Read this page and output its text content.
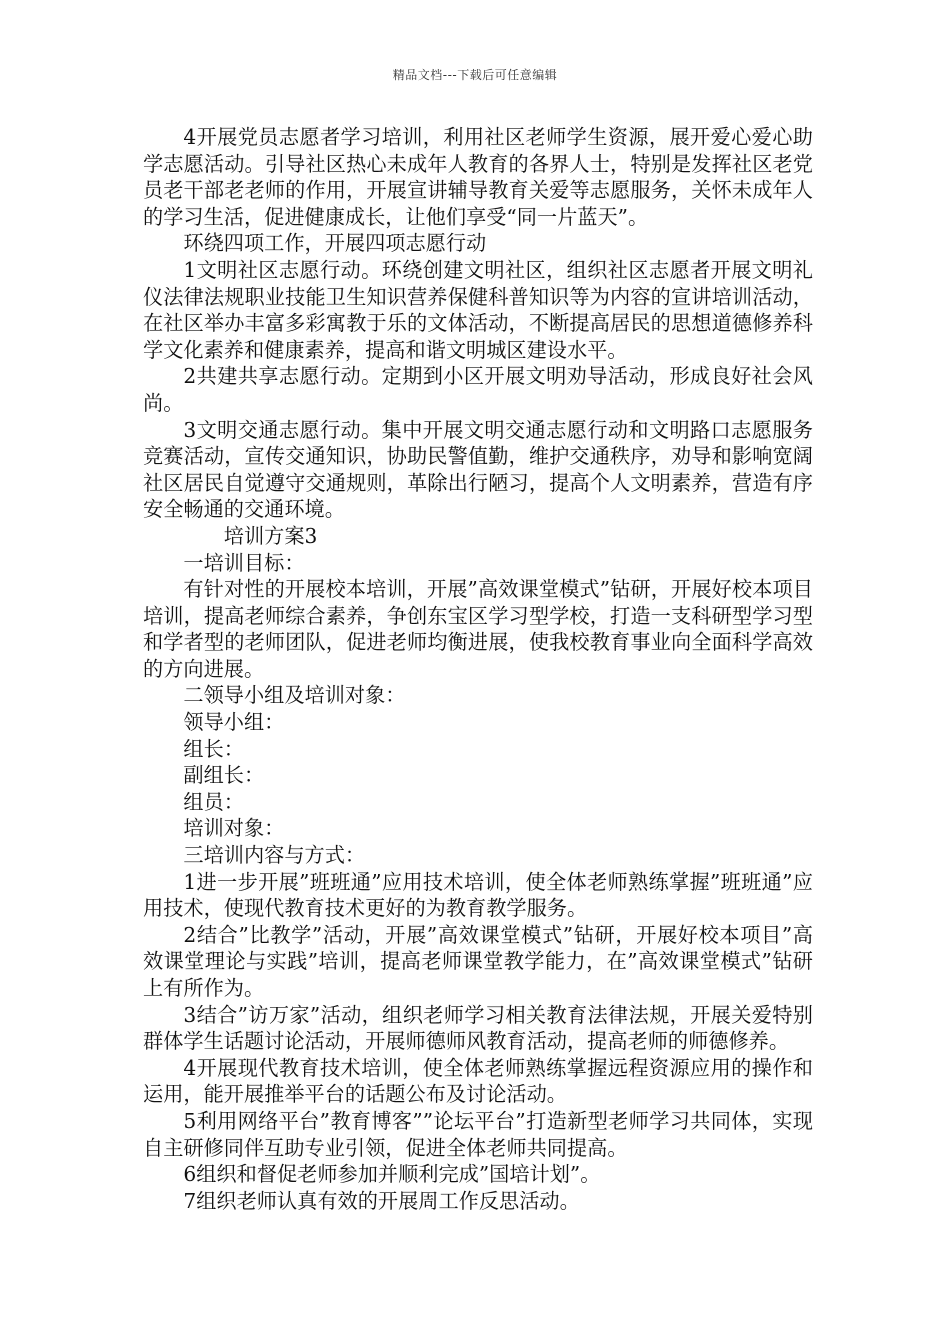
精品文档---下载后可任意编辑

4开展党员志愿者学习培训，利用社区老师学生资源，展开爱心爱心助学志愿活动。引导社区热心未成年人教育的各界人士，特别是发挥社区老党员老干部老老师的作用，开展宣讲辅导教育关爱等志愿服务，关怀未成年人的学习生活，促进健康成长，让他们享受“同一片蓝天”。

环绕四项工作，开展四项志愿行动

1文明社区志愿行动。环绕创建文明社区，组织社区志愿者开展文明礼仪法律法规职业技能卫生知识营养保健科普知识等为内容的宣讲培训活动，在社区举办丰富多彩寓教于乐的文体活动，不断提高居民的思想道德修养科学文化素养和健康素养，提高和谐文明城区建设水平。

2共建共享志愿行动。定期到小区开展文明劝导活动，形成良好社会风尚。

3文明交通志愿行动。集中开展文明交通志愿行动和文明路口志愿服务竞赛活动，宣传交通知识，协助民警值勤，维护交通秩序，劝导和影响宽阔社区居民自觉遵守交通规则，革除出行陋习，提高个人文明素养，营造有序安全畅通的交通环境。

培训方案3

一培训目标：

有针对性的开展校本培训，开展”高效课堂模式”钻研，开展好校本项目培训，提高老师综合素养，争创东宝区学习型学校，打造一支科研型学习型和学者型的老师团队，促进老师均衡进展，使我校教育事业向全面科学高效的方向进展。

二领导小组及培训对象：

领导小组：

组长：

副组长：

组员：

培训对象：

三培训内容与方式：

1进一步开展”班班通”应用技术培训，使全体老师熟练掌握”班班通”应用技术，使现代教育技术更好的为教育教学服务。

2结合”比教学”活动，开展”高效课堂模式”钻研，开展好校本项目”高效课堂理论与实践”培训，提高老师课堂教学能力，在”高效课堂模式”钻研上有所作为。

3结合”访万家”活动，组织老师学习相关教育法律法规，开展关爱特别群体学生话题讨论活动，开展师德师风教育活动，提高老师的师德修养。

4开展现代教育技术培训，使全体老师熟练掌握远程资源应用的操作和运用，能开展推举平台的话题公布及讨论活动。

5利用网络平台”教育博客””论坛平台”打造新型老师学习共同体，实现自主研修同伴互助专业引领，促进全体老师共同提高。

6组织和督促老师参加并顺利完成”国培计划”。

7组织老师认真有效的开展周工作反思活动。
